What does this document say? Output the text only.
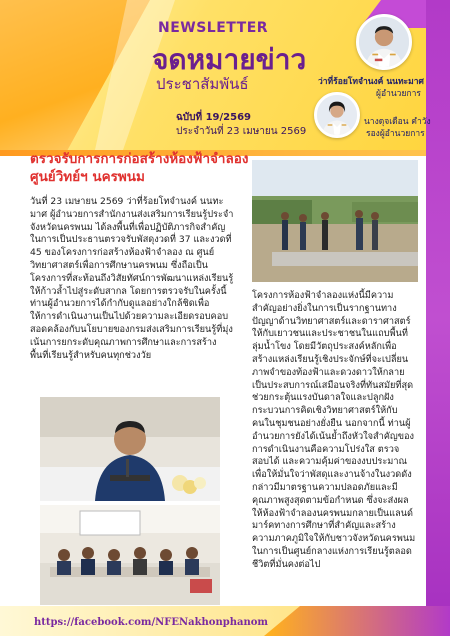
NEWSLETTER
จดหมายข่าว
ประชาสัมพันธ์
ฉบับที่ 19/2569
ประจำวันที่ 23 เมษายน 2569
ว่าที่ร้อยโทจำนงค์ นนทะมาศ
ผู้อำนวยการ
นางดุจเดือน คำวัง
รองผู้อำนวยการ
ตรวจรับการการก่อสร้างห้องฟ้าจำลอง ศูนย์วิทย์ฯ นครพนม
วันที่ 23 เมษายน 2569 ว่าที่ร้อยโทจำนงค์ นนทะมาศ ผู้อำนวยการสำนักงานส่งเสริมการเรียนรู้ประจำจังหวัดนครพนม ได้ลงพื้นที่เพื่อปฏิบัติภารกิจสำคัญในการเป็นประธานตรวจรับพัสดุงวดที่ 37 และงวดที่ 45 ของโครงการก่อสร้างห้องฟ้าจำลอง ณ ศูนย์วิทยาศาสตร์เพื่อการศึกษานครพนม ซึ่งถือเป็นโครงการที่สะท้อนถึงวิสัยทัศน์การพัฒนาแหล่งเรียนรู้ให้ก้าวล้ำไปสู่ระดับสากล โดยการตรวจรับในครั้งนี้ท่านผู้อำนวยการได้กำกับดูแลอย่างใกล้ชิดเพื่อให้การดำเนินงานเป็นไปด้วยความละเอียดรอบคอบสอดคล้องกับนโยบายของกรมส่งเสริมการเรียนรู้ที่มุ่งเน้นการยกระดับคุณภาพการศึกษาและการสร้างพื้นที่เรียนรู้สำหรับคนทุกช่วงวัย
โครงการห้องฟ้าจำลองแห่งนี้มีความสำคัญอย่างยิ่งในการเป็นรากฐานทางปัญญาด้านวิทยาศาสตร์และดาราศาสตร์ให้กับเยาวชนและประชาชนในแถบพื้นที่ลุ่มน้ำโขง โดยมีวัตถุประสงค์หลักเพื่อสร้างแหล่งเรียนรู้เชิงประจักษ์ที่จะเปลี่ยนภาพจำของท้องฟ้าและดวงดาวให้กลายเป็นประสบการณ์เสมือนจริงที่ทันสมัยที่สุด ช่วยกระตุ้นแรงบันดาลใจและปลูกฝังกระบวนการคิดเชิงวิทยาศาสตร์ให้กับคนในชุมชนอย่างยั่งยืน นอกจากนี้ ท่านผู้อำนวยการยังได้เน้นย้ำถึงหัวใจสำคัญของการดำเนินงานคือความโปร่งใส ตรวจสอบได้ และความคุ้มค่าของงบประมาณ เพื่อให้มั่นใจว่าพัสดุและงานจ้างในงวดดังกล่าวมีมาตรฐานความปลอดภัยและมีคุณภาพสูงสุดตามข้อกำหนด ซึ่งจะส่งผลให้ห้องฟ้าจำลองนครพนมกลายเป็นแลนด์มาร์คทางการศึกษาที่สำคัญและสร้างความภาคภูมิใจให้กับชาวจังหวัดนครพนมในการเป็นศูนย์กลางแห่งการเรียนรู้ตลอดชีวิตที่มั่นคงต่อไป
https://facebook.com/NFENakhonphanom
